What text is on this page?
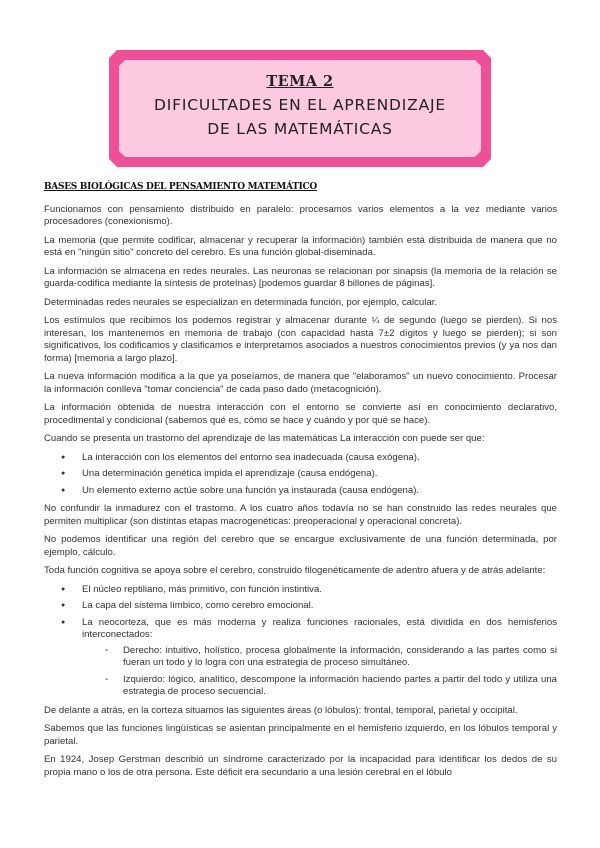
TEMA 2
DIFICULTADES EN EL APRENDIZAJE
DE LAS MATEMÁTICAS
BASES BIOLÓGICAS DEL PENSAMIENTO MATEMÁTICO

Funcionamos con pensamiento distribuido en paralelo: procesamos varios elementos a la vez mediante varios procesadores (conexionismo).

La memoria (que permite codificar, almacenar y recuperar la información) también está distribuida de manera que no está en "ningún sitio" concreto del cerebro. Es una función global-diseminada.

La información se almacena en redes neurales. Las neuronas se relacionan por sinapsis (la memoria de la relación se guarda-codifica mediante la síntesis de proteínas) [podemos guardar 8 billones de páginas].

Determinadas redes neurales se especializan en determinada función, por ejemplo, calcular.

Los estímulos que recibimos los podemos registrar y almacenar durante ¼ de segundo (luego se pierden). Si nos interesan, los mantenemos en memoria de trabajo (con capacidad hasta 7±2 dígitos y luego se pierden); si son significativos, los codificamos y clasificamos e interpretamos asociados a nuestros conocimientos previos (y ya nos dan forma) [memoria a largo plazo].

La nueva información modifica a la que ya poseíamos, de manera que "elaboramos" un nuevo conocimiento. Procesar la información conlleva "tomar conciencia" de cada paso dado (metacognición).

La información obtenida de nuestra interacción con el entorno se convierte así en conocimiento declarativo, procedimental y condicional (sabemos qué es, cómo se hace y cuándo y por qué se hace).

Cuando se presenta un trastorno del aprendizaje de las matemáticas La interacción con puede ser que:

● La interacción con los elementos del entorno sea inadecuada (causa exógena).
● Una determinación genética impida el aprendizaje (causa endógena).
● Un elemento externo actúe sobre una función ya instaurada (causa endógena).

No confundir la inmadurez con el trastorno. A los cuatro años todavía no se han construido las redes neurales que permiten multiplicar (son distintas etapas macrogenéticas: preoperacional y operacional concreta).

No podemos identificar una región del cerebro que se encargue exclusivamente de una función determinada, por ejemplo, cálculo.

Toda función cognitiva se apoya sobre el cerebro, construido filogenéticamente de adentro afuera y de atrás adelante:

● El núcleo reptiliano, más primitivo, con función instintiva.
● La capa del sistema límbico, como cerebro emocional.
● La neocorteza, que es más moderna y realiza funciones racionales, está dividida en dos hemisferios interconectados:
- Derecho: intuitivo, holístico, procesa globalmente la información, considerando a las partes como si fueran un todo y lo logra con una estrategia de proceso simultáneo.
- Izquierdo: lógico, analítico, descompone la información haciendo partes a partir del todo y utiliza una estrategia de proceso secuencial.

De delante a atrás, en la corteza situamos las siguientes áreas (o lóbulos): frontal, temporal, parietal y occipital.

Sabemos que las funciones lingüísticas se asientan principalmente en el hemisferio izquierdo, en los lóbulos temporal y parietal.

En 1924, Josep Gerstman describió un síndrome caracterizado por la incapacidad para identificar los dedos de su propia mano o los de otra persona. Este déficit era secundario a una lesión cerebral en el lóbulo
